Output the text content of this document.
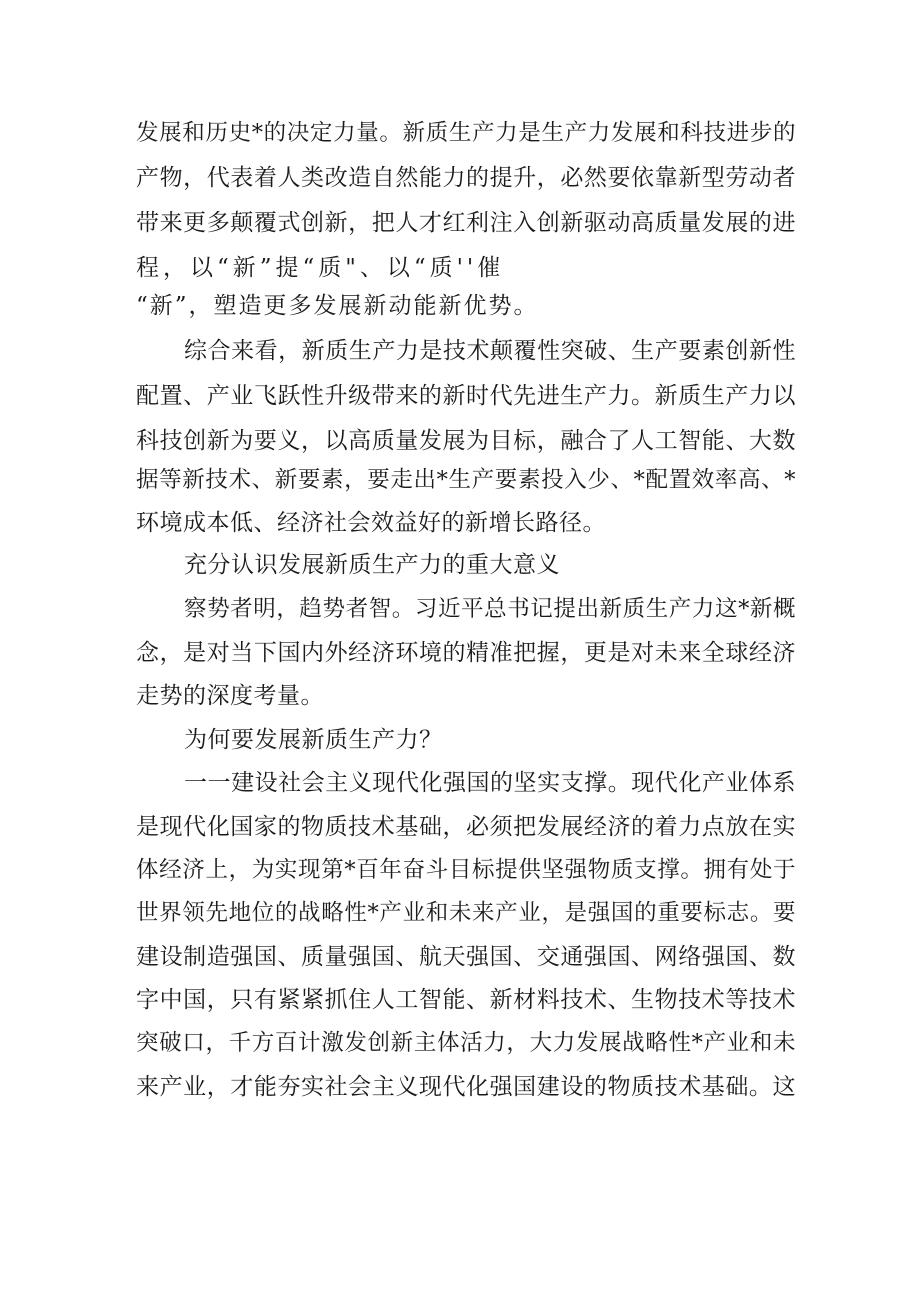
发展和历史*的决定力量。新质生产力是生产力发展和科技进步的
产物，代表着人类改造自然能力的提升，必然要依靠新型劳动者
带来更多颠覆式创新，把人才红利注入创新驱动高质量发展的进
程，以“新”提“质"、以“质''催
“新”，塑造更多发展新动能新优势。
综合来看，新质生产力是技术颠覆性突破、生产要素创新性
配置、产业飞跃性升级带来的新时代先进生产力。新质生产力以
科技创新为要义，以高质量发展为目标，融合了人工智能、大数
据等新技术、新要素，要走出*生产要素投入少、*配置效率高、*
环境成本低、经济社会效益好的新增长路径。
充分认识发展新质生产力的重大意义
察势者明，趋势者智。习近平总书记提出新质生产力这*新概
念，是对当下国内外经济环境的精准把握，更是对未来全球经济
走势的深度考量。
为何要发展新质生产力？
一一建设社会主义现代化强国的坚实支撑。现代化产业体系
是现代化国家的物质技术基础，必须把发展经济的着力点放在实
体经济上，为实现第*百年奋斗目标提供坚强物质支撑。拥有处于
世界领先地位的战略性*产业和未来产业，是强国的重要标志。要
建设制造强国、质量强国、航天强国、交通强国、网络强国、数
字中国，只有紧紧抓住人工智能、新材料技术、生物技术等技术
突破口，千方百计激发创新主体活力，大力发展战略性*产业和未
来产业，才能夯实社会主义现代化强国建设的物质技术基础。这
